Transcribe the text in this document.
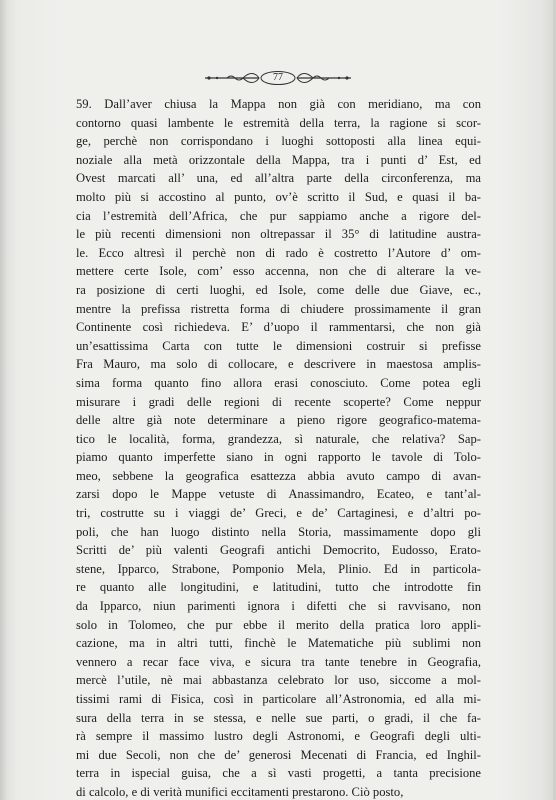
77
59. Dall’aver chiusa la Mappa non già con meridiano, ma con
contorno quasi lambente le estremità della terra, la ragione si scor-
ge, perchè non corrispondano i luoghi sottoposti alla linea equi-
noziale alla metà orizzontale della Mappa, tra i punti d’ Est, ed
Ovest marcati all’ una, ed all’altra parte della circonferenza, ma
molto più si accostino al punto, ov’è scritto il Sud, e quasi il ba-
cia l’estremità dell’Africa, che pur sappiamo anche a rigore del-
le più recenti dimensioni non oltrepassar il 35° di latitudine austra-
le. Ecco altresì il perchè non di rado è costretto l’Autore d’ om-
mettere certe Isole, com’ esso accenna, non che di alterare la ve-
ra posizione di certi luoghi, ed Isole, come delle due Giave, ec.,
mentre la prefissa ristretta forma di chiudere prossimamente il gran
Continente così richiedeva. E’ d’uopo il rammentarsi, che non già
un’esattissima Carta con tutte le dimensioni costruir si prefisse
Fra Mauro, ma solo di collocare, e descrivere in maestosa amplis-
sima forma quanto fino allora erasi conosciuto. Come potea egli
misurare i gradi delle regioni di recente scoperte? Come neppur
delle altre già note determinare a pieno rigore geografico-matema-
tico le località, forma, grandezza, sì naturale, che relativa? Sap-
piamo quanto imperfette siano in ogni rapporto le tavole di Tolo-
meo, sebbene la geografica esattezza abbia avuto campo di avan-
zarsi dopo le Mappe vetuste di Anassimandro, Ecateo, e tant’al-
tri, costrutte su i viaggi de’ Greci, e de’ Cartaginesi, e d’altri po-
poli, che han luogo distinto nella Storia, massimamente dopo gli
Scritti de’ più valenti Geografi antichi Democrito, Eudosso, Erato-
stene, Ipparco, Strabone, Pomponio Mela, Plinio. Ed in particola-
re quanto alle longitudini, e latitudini, tutto che introdotte fin
da Ipparco, niun parimenti ignora i difetti che si ravvisano, non
solo in Tolomeo, che pur ebbe il merito della pratica loro appli-
cazione, ma in altri tutti, finchè le Matematiche più sublimi non
vennero a recar face viva, e sicura tra tante tenebre in Geografia,
mercè l’utile, nè mai abbastanza celebrato lor uso, siccome a mol-
tissimi rami di Fisica, così in particolare all’Astronomia, ed alla mi-
sura della terra in se stessa, e nelle sue parti, o gradi, il che fa-
rà sempre il massimo lustro degli Astronomi, e Geografi degli ulti-
mi due Secoli, non che de’ generosi Mecenati di Francia, ed Inghil-
terra in ispecial guisa, che a sì vasti progetti, a tanta precisione
di calcolo, e di verità munifici eccitamenti prestarono. Ciò posto,
